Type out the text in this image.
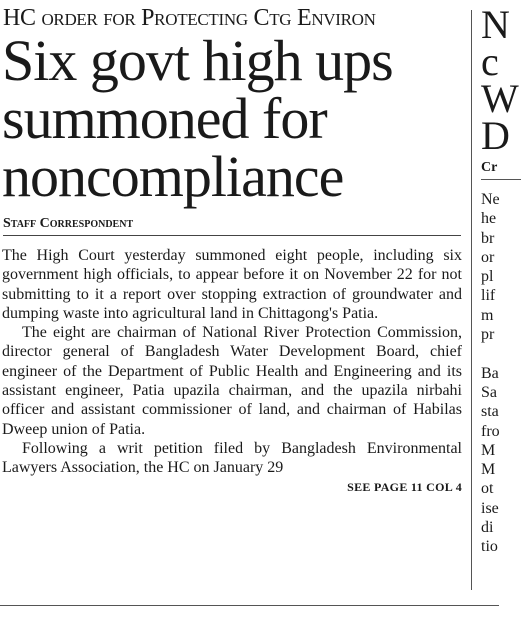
HC order for Protecting Ctg Environ
Six govt high ups summoned for noncompliance
Staff Correspondent

The High Court yesterday summoned eight people, including six government high officials, to appear before it on November 22 for not submitting to it a report over stopping extraction of groundwater and dumping waste into agricultural land in Chittagong's Patia.

The eight are chairman of National River Protection Commission, director general of Bangladesh Water Development Board, chief engineer of the Department of Public Health and Engineering and its assistant engineer, Patia upazila chairman, and the upazila nirbahi officer and assistant commissioner of land, and chairman of Habilas Dweep union of Patia.

Following a writ petition filed by Bangladesh Environmental Lawyers Association, the HC on January 29

SEE PAGE 11 COL 4
N
c
W
D
Cr
Ne
he
br
or
pl
lif
m
pr
Ba
Sa
sta
fro
M
M
ot
ise
di
tio
